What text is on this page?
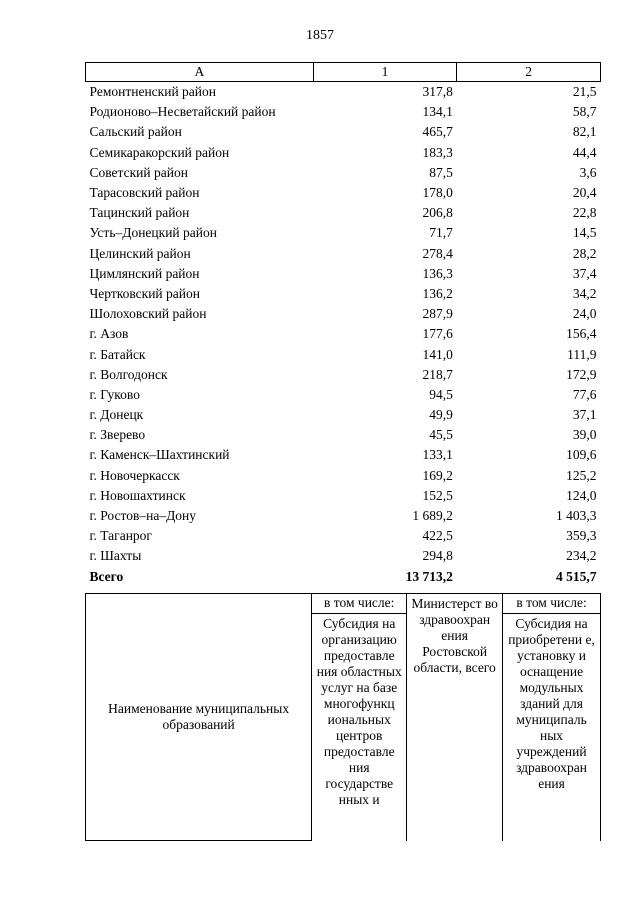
1857
А	1	2
Ремонтненский район	317,8	21,5
Родионово–Несветайский район	134,1	58,7
Сальский район	465,7	82,1
Семикаракорский район	183,3	44,4
Советский район	87,5	3,6
Тарасовский район	178,0	20,4
Тацинский район	206,8	22,8
Усть–Донецкий район	71,7	14,5
Целинский район	278,4	28,2
Цимлянский район	136,3	37,4
Чертковский район	136,2	34,2
Шолоховский район	287,9	24,0
г. Азов	177,6	156,4
г. Батайск	141,0	111,9
г. Волгодонск	218,7	172,9
г. Гуково	94,5	77,6
г. Донецк	49,9	37,1
г. Зверево	45,5	39,0
г. Каменск–Шахтинский	133,1	109,6
г. Новочеркасск	169,2	125,2
г. Новошахтинск	152,5	124,0
г. Ростов–на–Дону	1 689,2	1 403,3
г. Таганрог	422,5	359,3
г. Шахты	294,8	234,2
Всего	13 713,2	4 515,7
Наименование муниципальных образований	в том числе:	Министерст во здравоохран ения Ростовской области, всего	в том числе:
	Субсидия на организацию предоставле ния областных услуг на базе многофункц иональных центров предоставле ния государстве нных и		Субсидия на приобретени е, установку и оснащение модульных зданий для муниципаль ных учреждений здравоохран ения
